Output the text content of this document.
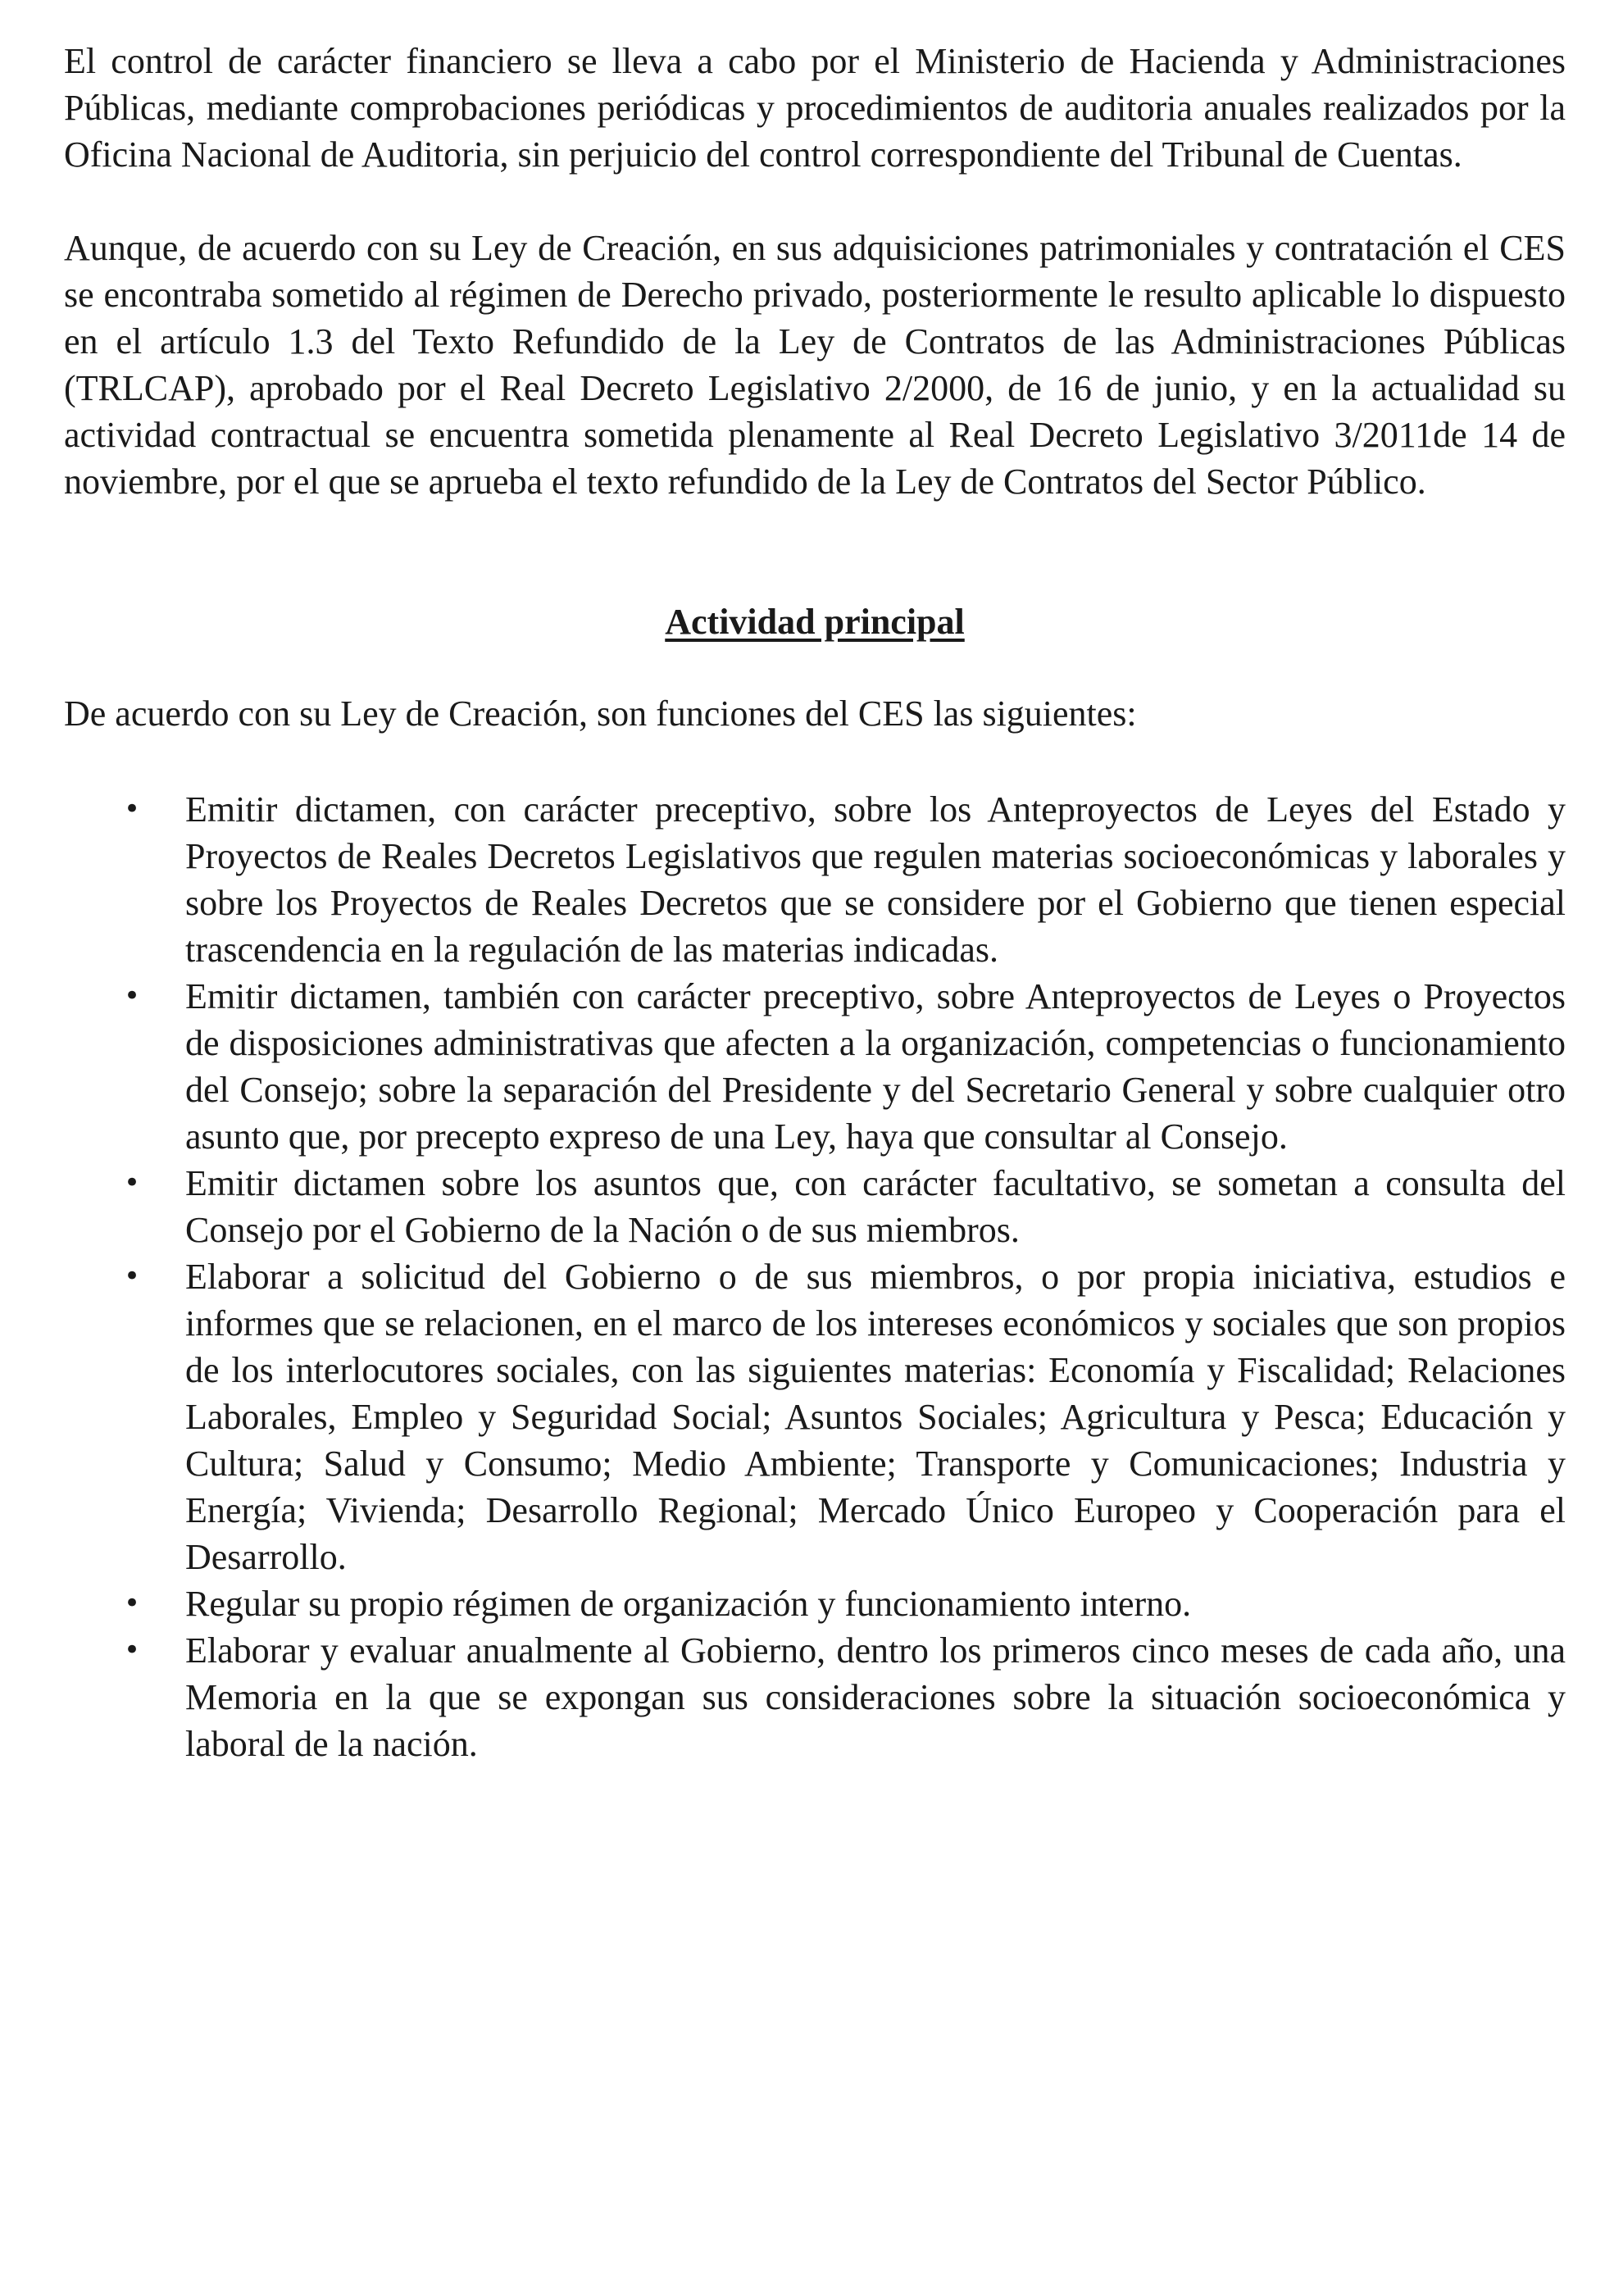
El control de carácter financiero se lleva a cabo por el Ministerio de Hacienda y Administraciones Públicas, mediante comprobaciones periódicas y procedimientos de auditoria anuales realizados por la Oficina Nacional de Auditoria, sin perjuicio del control correspondiente del Tribunal de Cuentas.

Aunque, de acuerdo con su Ley de Creación, en sus adquisiciones patrimoniales y contratación el CES se encontraba sometido al régimen de Derecho privado, posteriormente le resulto aplicable lo dispuesto en el artículo 1.3 del Texto Refundido de la Ley de Contratos de las Administraciones Públicas (TRLCAP), aprobado por el Real Decreto Legislativo 2/2000, de 16 de junio, y en la actualidad su actividad contractual se encuentra sometida plenamente al Real Decreto Legislativo 3/2011de 14 de noviembre, por el que se aprueba el texto refundido de la Ley de Contratos del Sector Público.

Actividad principal

De acuerdo con su Ley de Creación, son funciones del CES las siguientes:

• Emitir dictamen, con carácter preceptivo, sobre los Anteproyectos de Leyes del Estado y Proyectos de Reales Decretos Legislativos que regulen materias socioeconómicas y laborales y sobre los Proyectos de Reales Decretos que se considere por el Gobierno que tienen especial trascendencia en la regulación de las materias indicadas.
• Emitir dictamen, también con carácter preceptivo, sobre Anteproyectos de Leyes o Proyectos de disposiciones administrativas que afecten a la organización, competencias o funcionamiento del Consejo; sobre la separación del Presidente y del Secretario General y sobre cualquier otro asunto que, por precepto expreso de una Ley, haya que consultar al Consejo.
• Emitir dictamen sobre los asuntos que, con carácter facultativo, se sometan a consulta del Consejo por el Gobierno de la Nación o de sus miembros.
• Elaborar a solicitud del Gobierno o de sus miembros, o por propia iniciativa, estudios e informes que se relacionen, en el marco de los intereses económicos y sociales que son propios de los interlocutores sociales, con las siguientes materias: Economía y Fiscalidad; Relaciones Laborales, Empleo y Seguridad Social; Asuntos Sociales; Agricultura y Pesca; Educación y Cultura; Salud y Consumo; Medio Ambiente; Transporte y Comunicaciones; Industria y Energía; Vivienda; Desarrollo Regional; Mercado Único Europeo y Cooperación para el Desarrollo.
• Regular su propio régimen de organización y funcionamiento interno.
• Elaborar y evaluar anualmente al Gobierno, dentro los primeros cinco meses de cada año, una Memoria en la que se expongan sus consideraciones sobre la situación socioeconómica y laboral de la nación.
